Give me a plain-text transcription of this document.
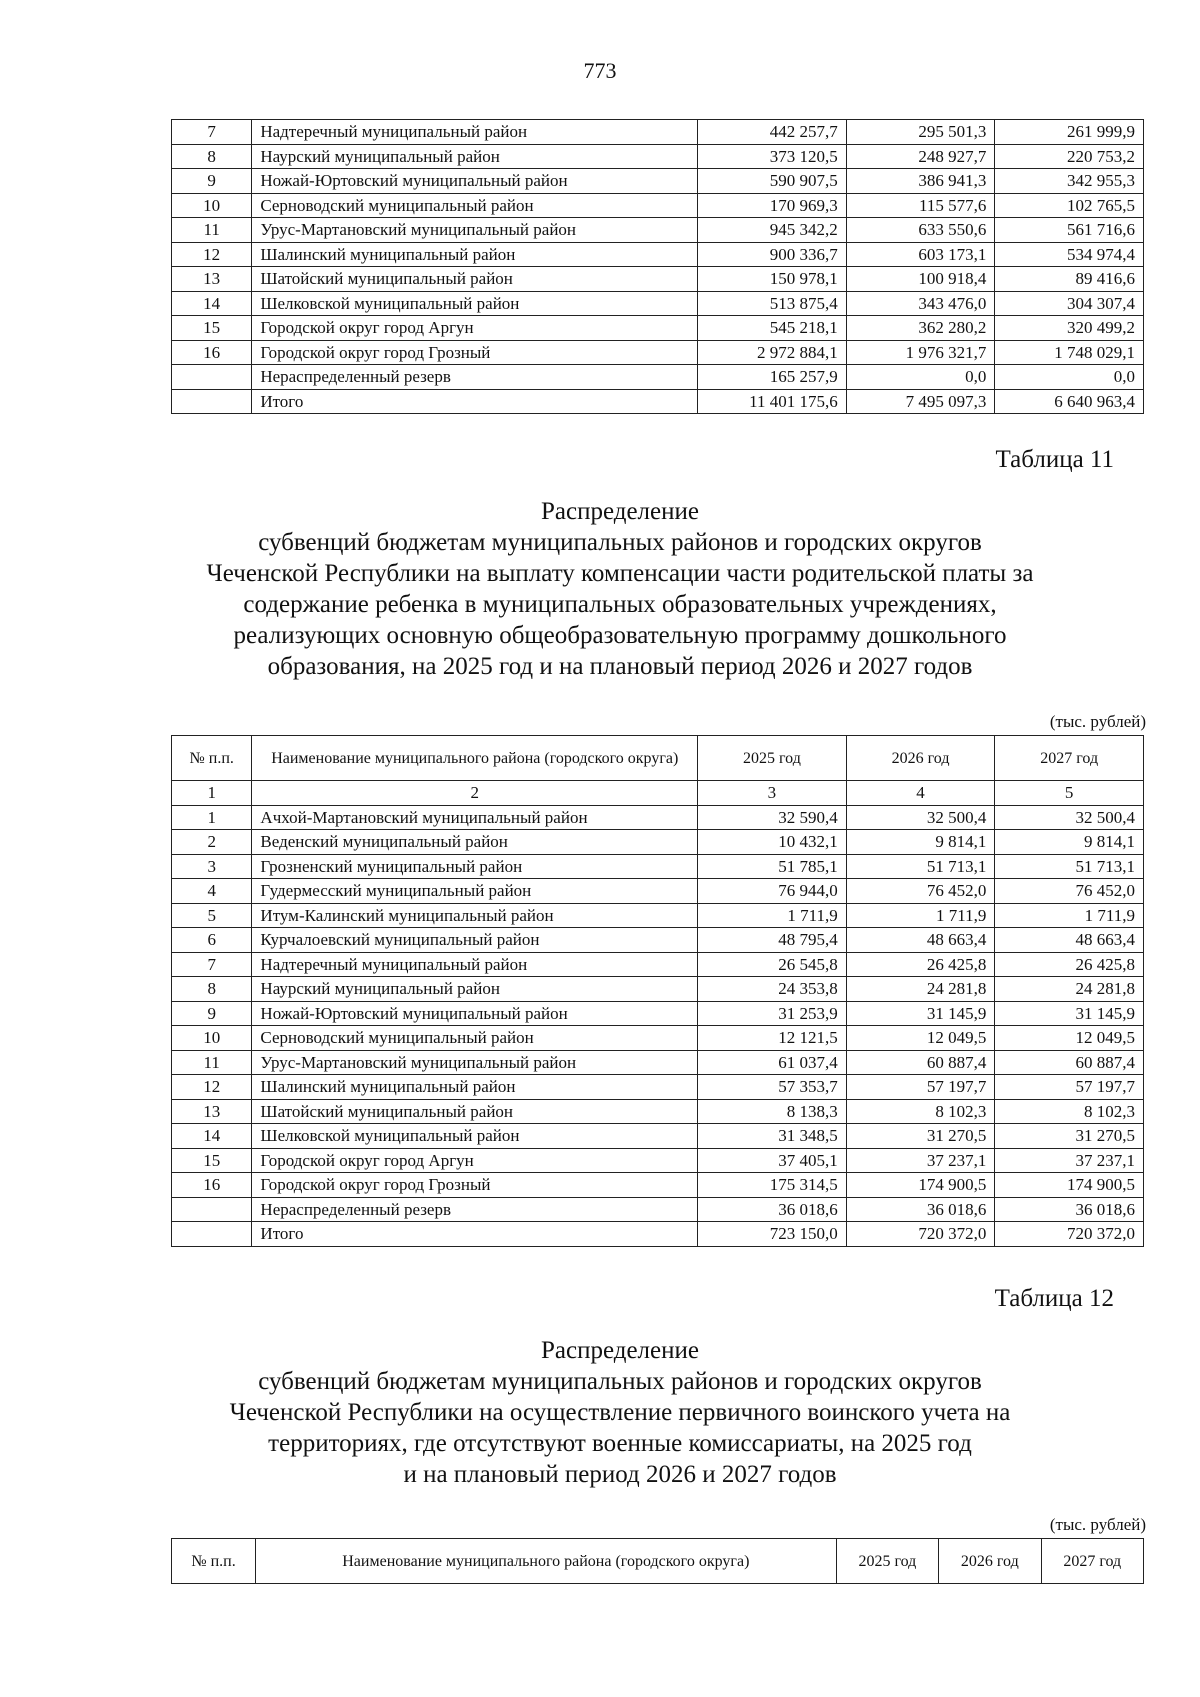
773
7	Надтеречный муниципальный район	442 257,7	295 501,3	261 999,9
8	Наурский муниципальный район	373 120,5	248 927,7	220 753,2
9	Ножай-Юртовский муниципальный район	590 907,5	386 941,3	342 955,3
10	Серноводский муниципальный район	170 969,3	115 577,6	102 765,5
11	Урус-Мартановский муниципальный район	945 342,2	633 550,6	561 716,6
12	Шалинский муниципальный район	900 336,7	603 173,1	534 974,4
13	Шатойский муниципальный район	150 978,1	100 918,4	89 416,6
14	Шелковской муниципальный район	513 875,4	343 476,0	304 307,4
15	Городской округ город Аргун	545 218,1	362 280,2	320 499,2
16	Городской округ город Грозный	2 972 884,1	1 976 321,7	1 748 029,1
	Нераспределенный резерв	165 257,9	0,0	0,0
	Итого	11 401 175,6	7 495 097,3	6 640 963,4
Таблица 11
Распределение
субвенций бюджетам муниципальных районов и городских округов
Чеченской Республики на выплату компенсации части родительской платы за
содержание ребенка в муниципальных образовательных учреждениях,
реализующих основную общеобразовательную программу дошкольного
образования, на 2025 год и на плановый период 2026 и 2027 годов
(тыс. рублей)
№ п.п.	Наименование муниципального района (городского округа)	2025 год	2026 год	2027 год
1	2	3	4	5
1	Ачхой-Мартановский муниципальный район	32 590,4	32 500,4	32 500,4
2	Веденский муниципальный район	10 432,1	9 814,1	9 814,1
3	Грозненский муниципальный район	51 785,1	51 713,1	51 713,1
4	Гудермесский муниципальный район	76 944,0	76 452,0	76 452,0
5	Итум-Калинский муниципальный район	1 711,9	1 711,9	1 711,9
6	Курчалоевский муниципальный район	48 795,4	48 663,4	48 663,4
7	Надтеречный муниципальный район	26 545,8	26 425,8	26 425,8
8	Наурский муниципальный район	24 353,8	24 281,8	24 281,8
9	Ножай-Юртовский муниципальный район	31 253,9	31 145,9	31 145,9
10	Серноводский муниципальный район	12 121,5	12 049,5	12 049,5
11	Урус-Мартановский муниципальный район	61 037,4	60 887,4	60 887,4
12	Шалинский муниципальный район	57 353,7	57 197,7	57 197,7
13	Шатойский муниципальный район	8 138,3	8 102,3	8 102,3
14	Шелковской муниципальный район	31 348,5	31 270,5	31 270,5
15	Городской округ город Аргун	37 405,1	37 237,1	37 237,1
16	Городской округ город Грозный	175 314,5	174 900,5	174 900,5
	Нераспределенный резерв	36 018,6	36 018,6	36 018,6
	Итого	723 150,0	720 372,0	720 372,0
Таблица 12
Распределение
субвенций бюджетам муниципальных районов и городских округов
Чеченской Республики на осуществление первичного воинского учета на
территориях, где отсутствуют военные комиссариаты, на 2025 год
и на плановый период 2026 и 2027 годов
(тыс. рублей)
№ п.п.	Наименование муниципального района (городского округа)	2025 год	2026 год	2027 год
